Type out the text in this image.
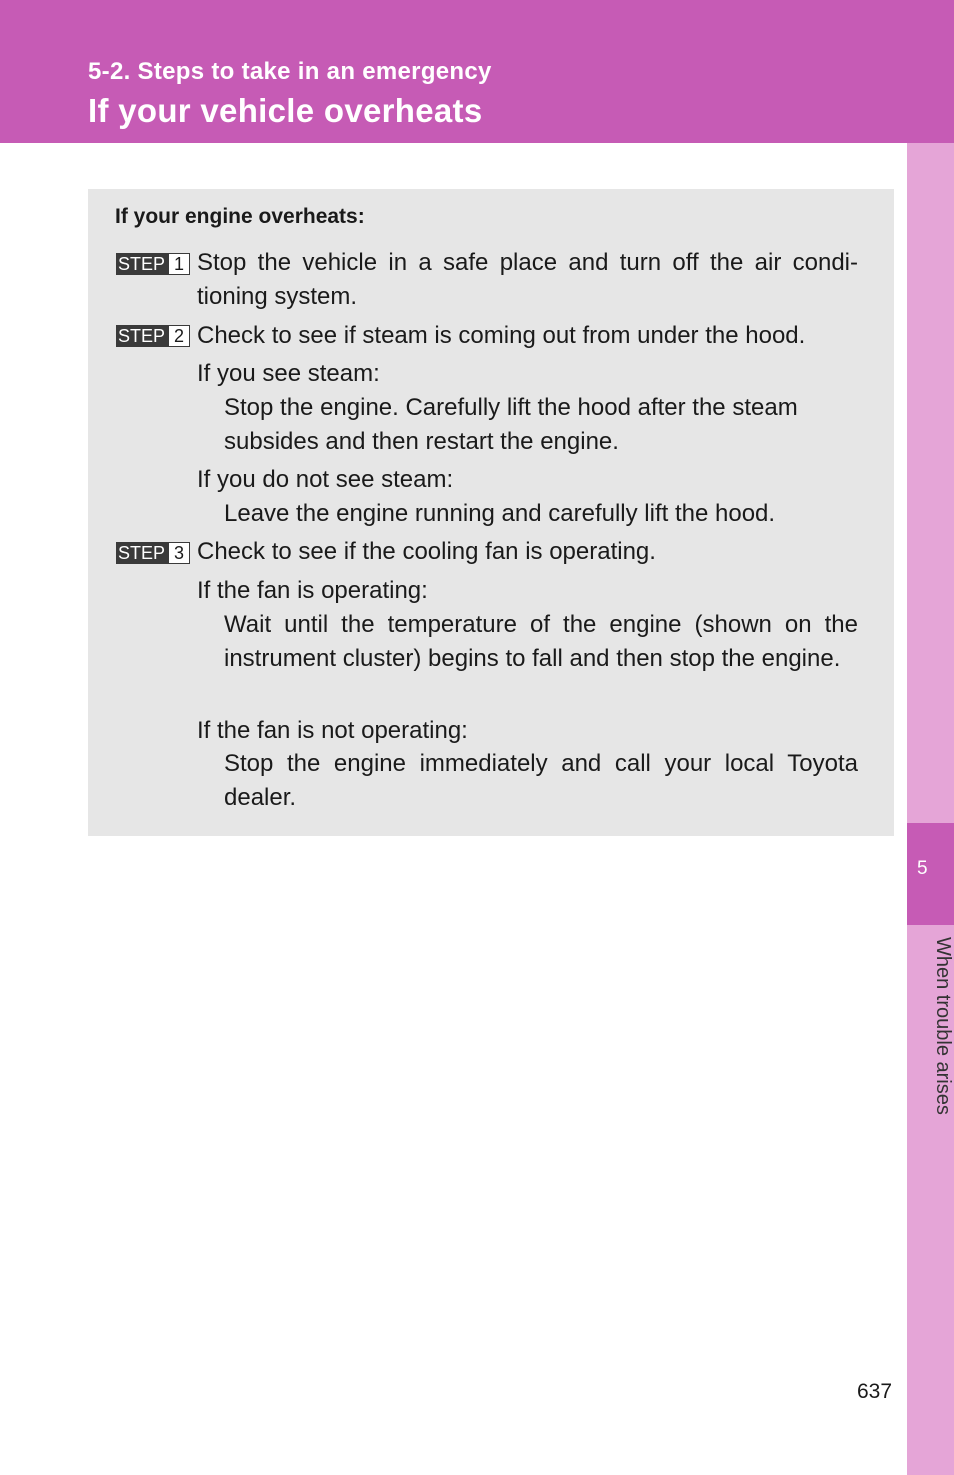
5-2. Steps to take in an emergency
If your vehicle overheats
5
When trouble arises
If your engine overheats:
STEP 1 Stop the vehicle in a safe place and turn off the air condi- tioning system.
STEP 2 Check to see if steam is coming out from under the hood.
If you see steam:
Stop the engine. Carefully lift the hood after the steam subsides and then restart the engine.
If you do not see steam:
Leave the engine running and carefully lift the hood.
STEP 3 Check to see if the cooling fan is operating.
If the fan is operating:
Wait until the temperature of the engine (shown on the instrument cluster) begins to fall and then stop the engine.
If the fan is not operating:
Stop the engine immediately and call your local Toyota dealer.
637
